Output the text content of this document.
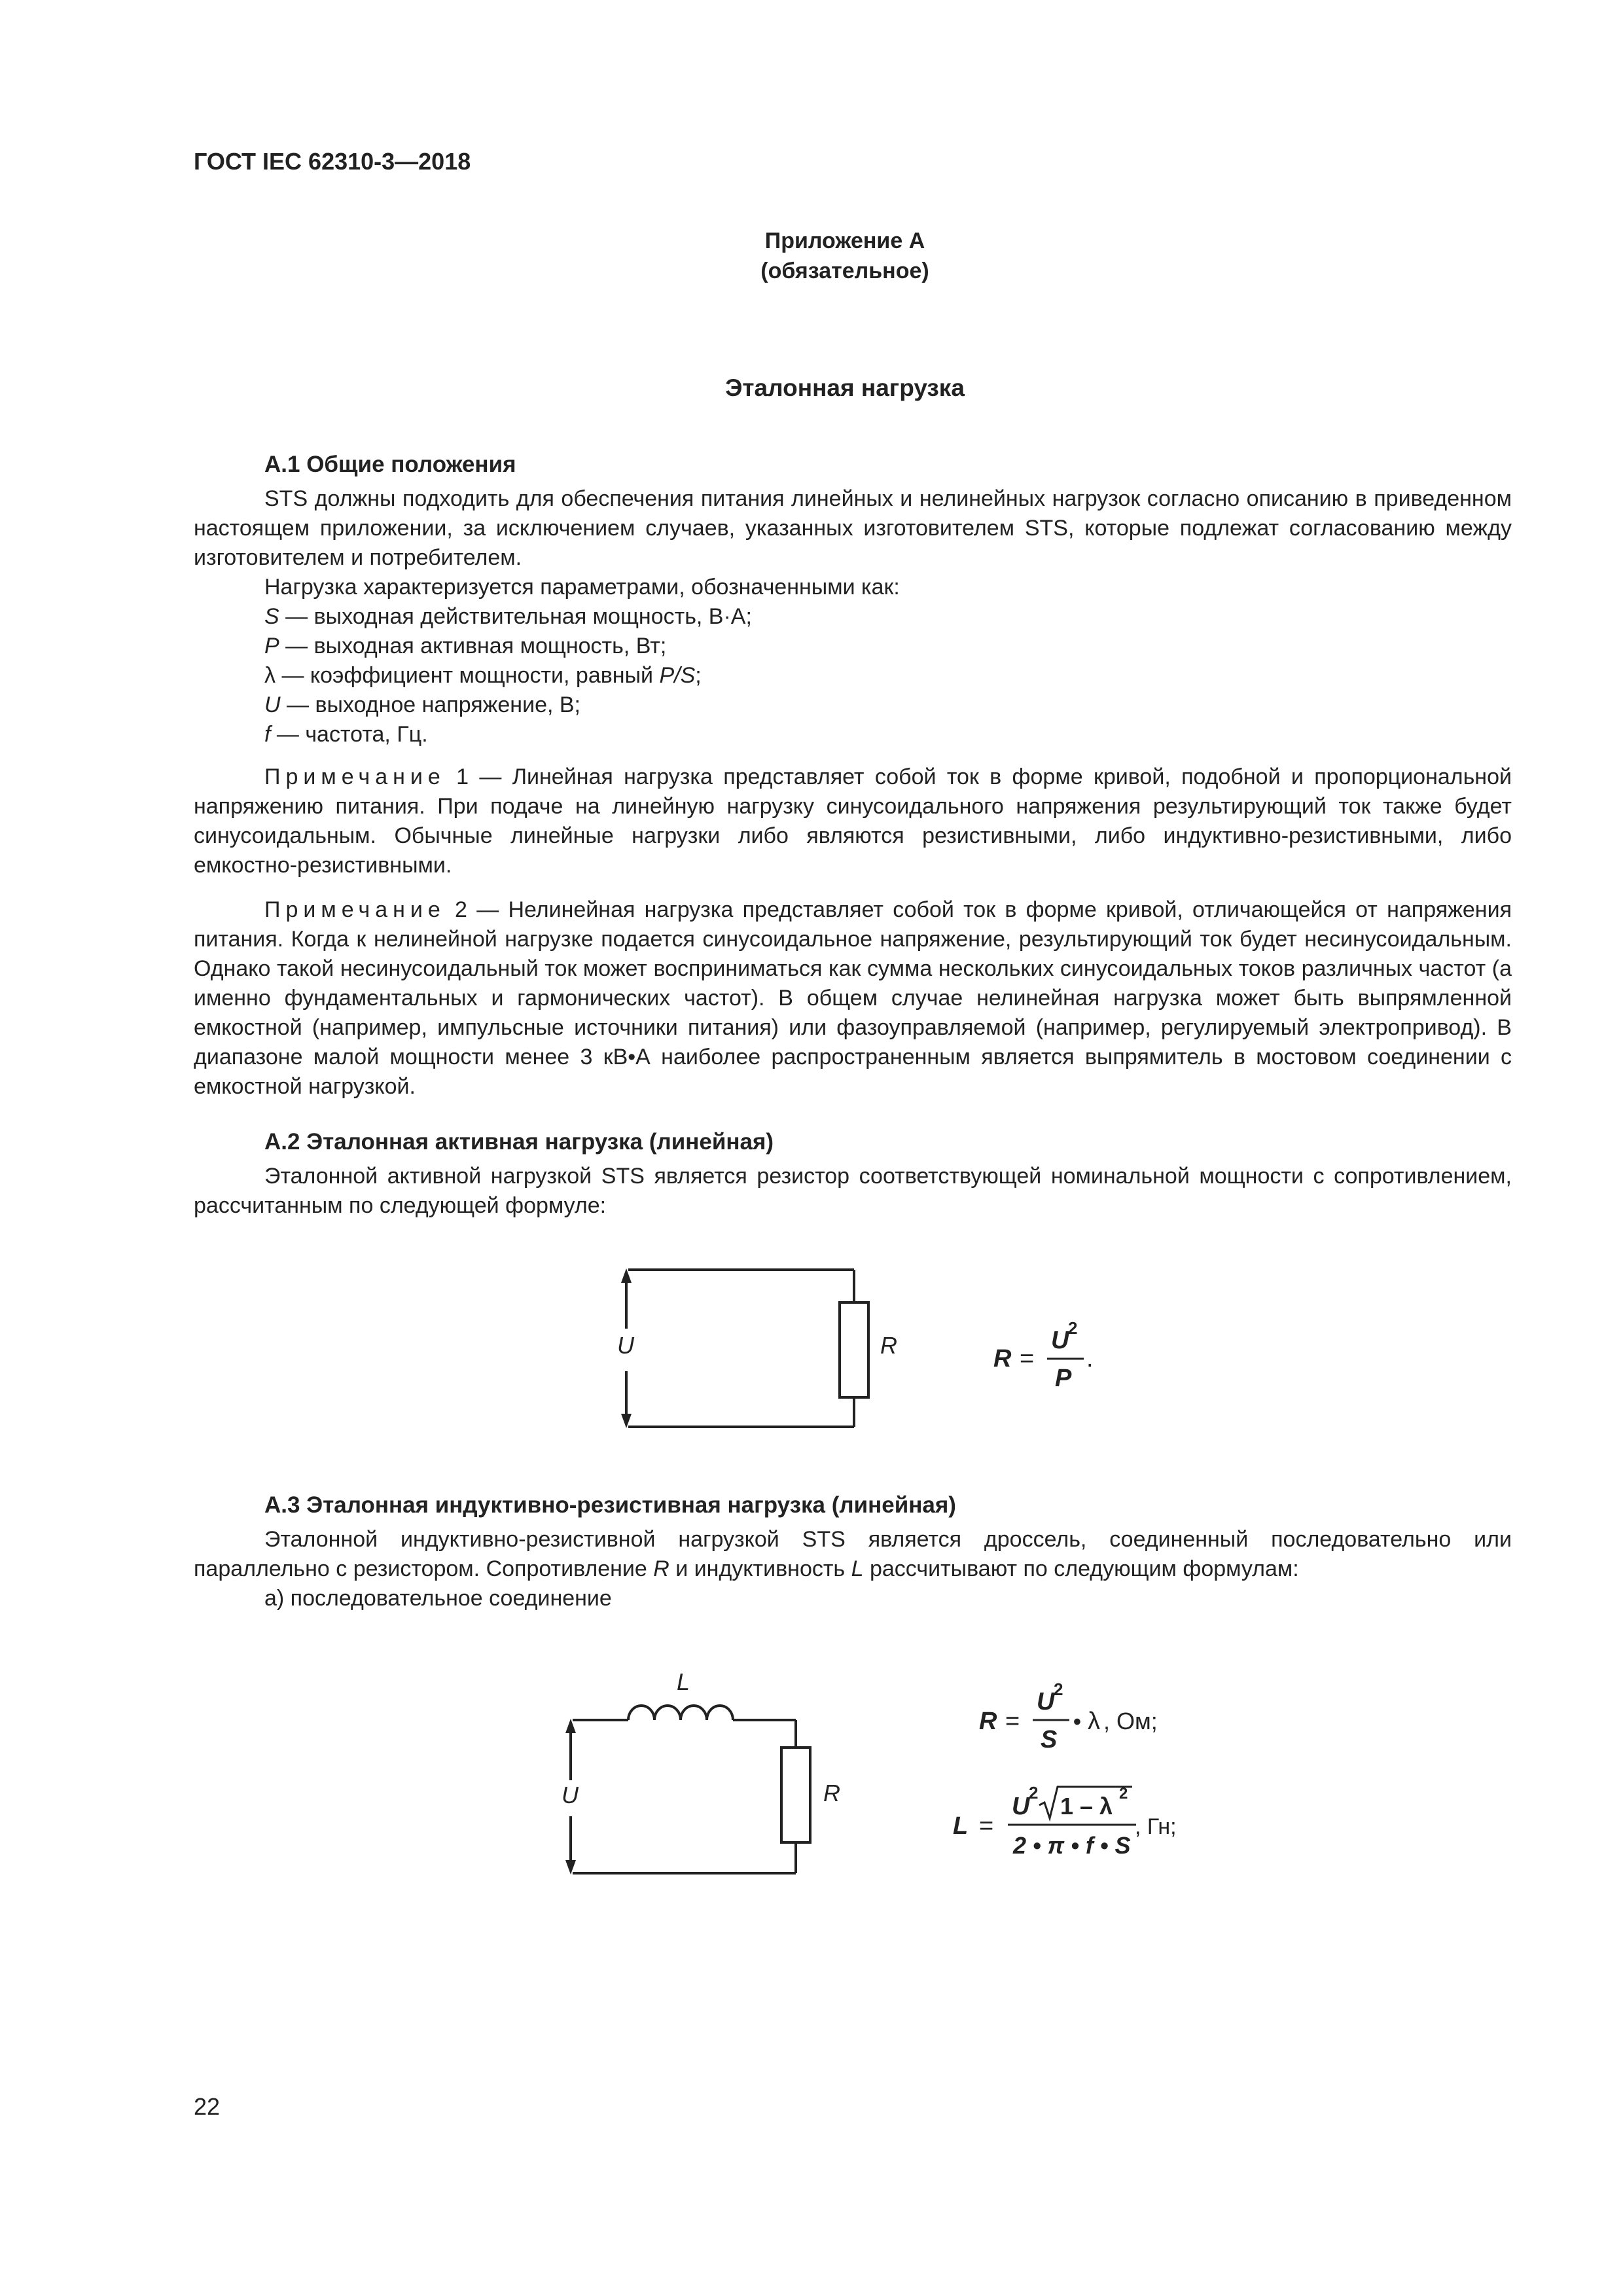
ГОСТ IEC 62310-3—2018
Приложение А
(обязательное)
Эталонная нагрузка
А.1 Общие положения

STS должны подходить для обеспечения питания линейных и нелинейных нагрузок согласно описанию в приведенном настоящем приложении, за исключением случаев, указанных изготовителем STS, которые подлежат согласованию между изготовителем и потребителем.

Нагрузка характеризуется параметрами, обозначенными как:
S — выходная действительная мощность, В·А;
P — выходная активная мощность, Вт;
λ — коэффициент мощности, равный P/S;
U — выходное напряжение, В;
f — частота, Гц.

Примечание 1 — Линейная нагрузка представляет собой ток в форме кривой, подобной и пропорциональной напряжению питания. При подаче на линейную нагрузку синусоидального напряжения результирующий ток также будет синусоидальным. Обычные линейные нагрузки либо являются резистивными, либо индуктивно-резистивными, либо емкостно-резистивными.

Примечание 2 — Нелинейная нагрузка представляет собой ток в форме кривой, отличающейся от напряжения питания. Когда к нелинейной нагрузке подается синусоидальное напряжение, результирующий ток будет несинусоидальным. Однако такой несинусоидальный ток может восприниматься как сумма нескольких синусоидальных токов различных частот (а именно фундаментальных и гармонических частот). В общем случае нелинейная нагрузка может быть выпрямленной емкостной (например, импульсные источники питания) или фазоуправляемой (например, регулируемый электропривод). В диапазоне малой мощности менее 3 кВ•А наиболее распространенным является выпрямитель в мостовом соединении с емкостной нагрузкой.

А.2 Эталонная активная нагрузка (линейная)

Эталонной активной нагрузкой STS является резистор соответствующей номинальной мощности с сопротивлением, рассчитанным по следующей формуле:

U	R	R =
U
2
P
.
А.3 Эталонная индуктивно-резистивная нагрузка (линейная)

Эталонной индуктивно-резистивной нагрузкой STS является дроссель, соединенный последовательно или параллельно с резистором. Сопротивление R и индуктивность L рассчитывают по следующим формулам:

а) последовательное соединение
L
U	R
R =
U
2
S
• λ , Ом;
L =
U
2 1 – λ 2
2 • π • f • S
, Гн;
22
